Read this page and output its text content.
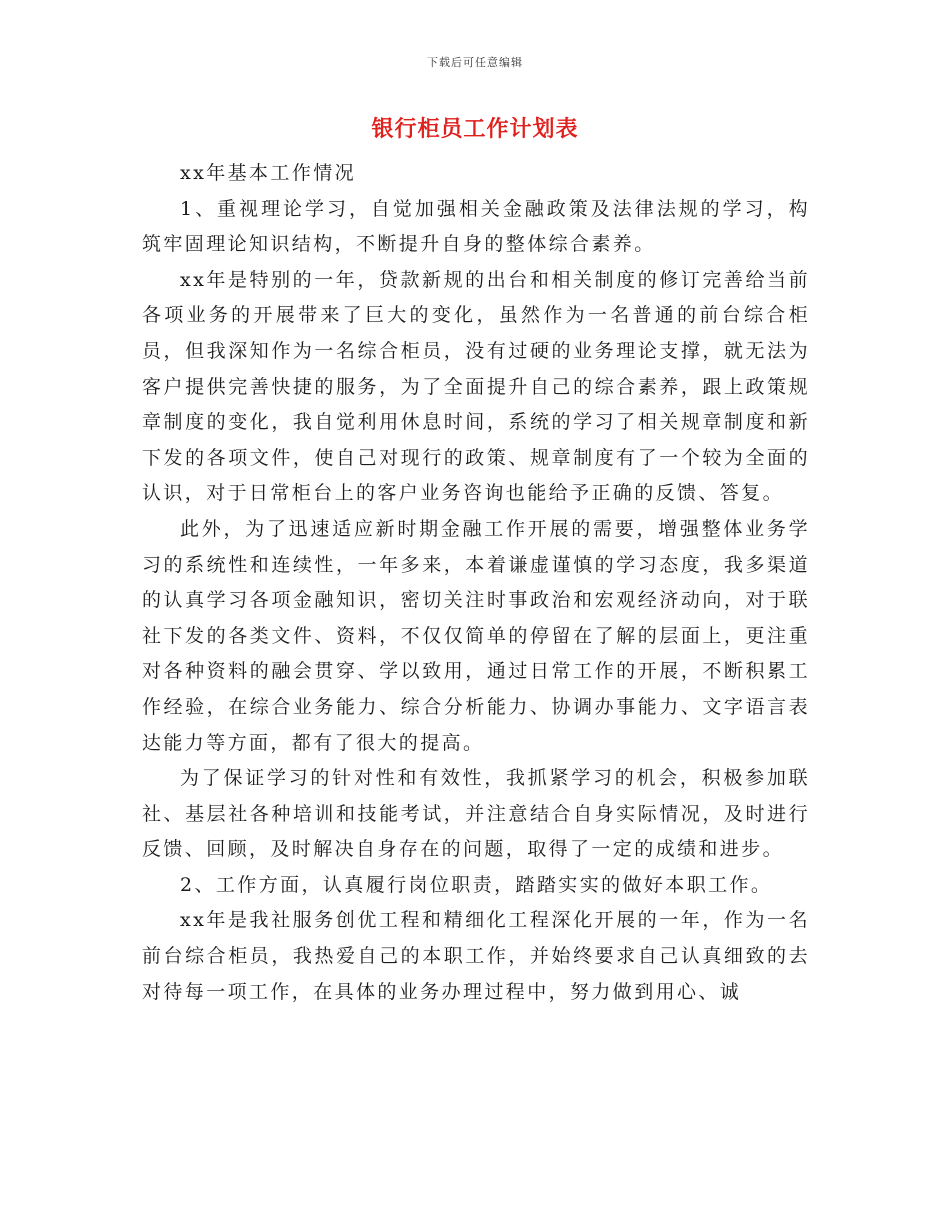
下载后可任意编辑
银行柜员工作计划表

xx年基本工作情况

1、重视理论学习，自觉加强相关金融政策及法律法规的学习，构筑牢固理论知识结构，不断提升自身的整体综合素养。

xx年是特别的一年，贷款新规的出台和相关制度的修订完善给当前各项业务的开展带来了巨大的变化，虽然作为一名普通的前台综合柜员，但我深知作为一名综合柜员，没有过硬的业务理论支撑，就无法为客户提供完善快捷的服务，为了全面提升自己的综合素养，跟上政策规章制度的变化，我自觉利用休息时间，系统的学习了相关规章制度和新下发的各项文件，使自己对现行的政策、规章制度有了一个较为全面的认识，对于日常柜台上的客户业务咨询也能给予正确的反馈、答复。

此外，为了迅速适应新时期金融工作开展的需要，增强整体业务学习的系统性和连续性，一年多来，本着谦虚谨慎的学习态度，我多渠道的认真学习各项金融知识，密切关注时事政治和宏观经济动向，对于联社下发的各类文件、资料，不仅仅简单的停留在了解的层面上，更注重对各种资料的融会贯穿、学以致用，通过日常工作的开展，不断积累工作经验，在综合业务能力、综合分析能力、协调办事能力、文字语言表达能力等方面，都有了很大的提高。

为了保证学习的针对性和有效性，我抓紧学习的机会，积极参加联社、基层社各种培训和技能考试，并注意结合自身实际情况，及时进行反馈、回顾，及时解决自身存在的问题，取得了一定的成绩和进步。

2、工作方面，认真履行岗位职责，踏踏实实的做好本职工作。

xx年是我社服务创优工程和精细化工程深化开展的一年，作为一名前台综合柜员，我热爱自己的本职工作，并始终要求自己认真细致的去对待每一项工作，在具体的业务办理过程中，努力做到用心、诚
